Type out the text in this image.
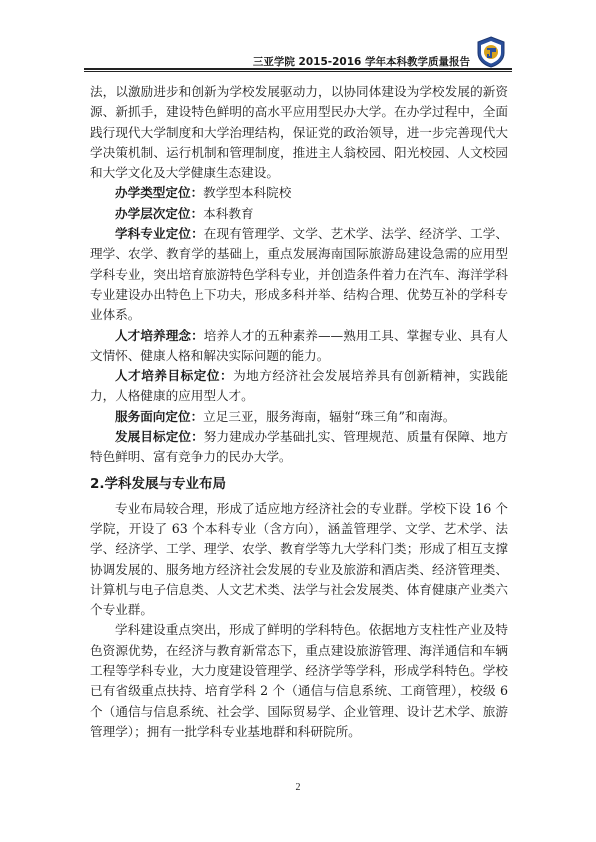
三亚学院 2015-2016 学年本科教学质量报告

法，以激励进步和创新为学校发展驱动力，以协同体建设为学校发展的新资源、新抓手，建设特色鲜明的高水平应用型民办大学。在办学过程中，全面践行现代大学制度和大学治理结构，保证党的政治领导，进一步完善现代大学决策机制、运行机制和管理制度，推进主人翁校园、阳光校园、人文校园和大学文化及大学健康生态建设。

办学类型定位：教学型本科院校

办学层次定位：本科教育

学科专业定位：在现有管理学、文学、艺术学、法学、经济学、工学、理学、农学、教育学的基础上，重点发展海南国际旅游岛建设急需的应用型学科专业，突出培育旅游特色学科专业，并创造条件着力在汽车、海洋学科专业建设办出特色上下功夫，形成多科并举、结构合理、优势互补的学科专业体系。

人才培养理念：培养人才的五种素养——熟用工具、掌握专业、具有人文情怀、健康人格和解决实际问题的能力。

人才培养目标定位：为地方经济社会发展培养具有创新精神，实践能力，人格健康的应用型人才。

服务面向定位：立足三亚，服务海南，辐射“珠三角”和南海。

发展目标定位：努力建成办学基础扎实、管理规范、质量有保障、地方特色鲜明、富有竞争力的民办大学。

2.学科发展与专业布局

专业布局较合理，形成了适应地方经济社会的专业群。学校下设 16 个学院，开设了 63 个本科专业（含方向），涵盖管理学、文学、艺术学、法学、经济学、工学、理学、农学、教育学等九大学科门类；形成了相互支撑协调发展的、服务地方经济社会发展的专业及旅游和酒店类、经济管理类、计算机与电子信息类、人文艺术类、法学与社会发展类、体育健康产业类六个专业群。

学科建设重点突出，形成了鲜明的学科特色。依据地方支柱性产业及特色资源优势，在经济与教育新常态下，重点建设旅游管理、海洋通信和车辆工程等学科专业，大力度建设管理学、经济学等学科，形成学科特色。学校已有省级重点扶持、培育学科 2 个（通信与信息系统、工商管理），校级 6 个（通信与信息系统、社会学、国际贸易学、企业管理、设计艺术学、旅游管理学）；拥有一批学科专业基地群和科研院所。

2
